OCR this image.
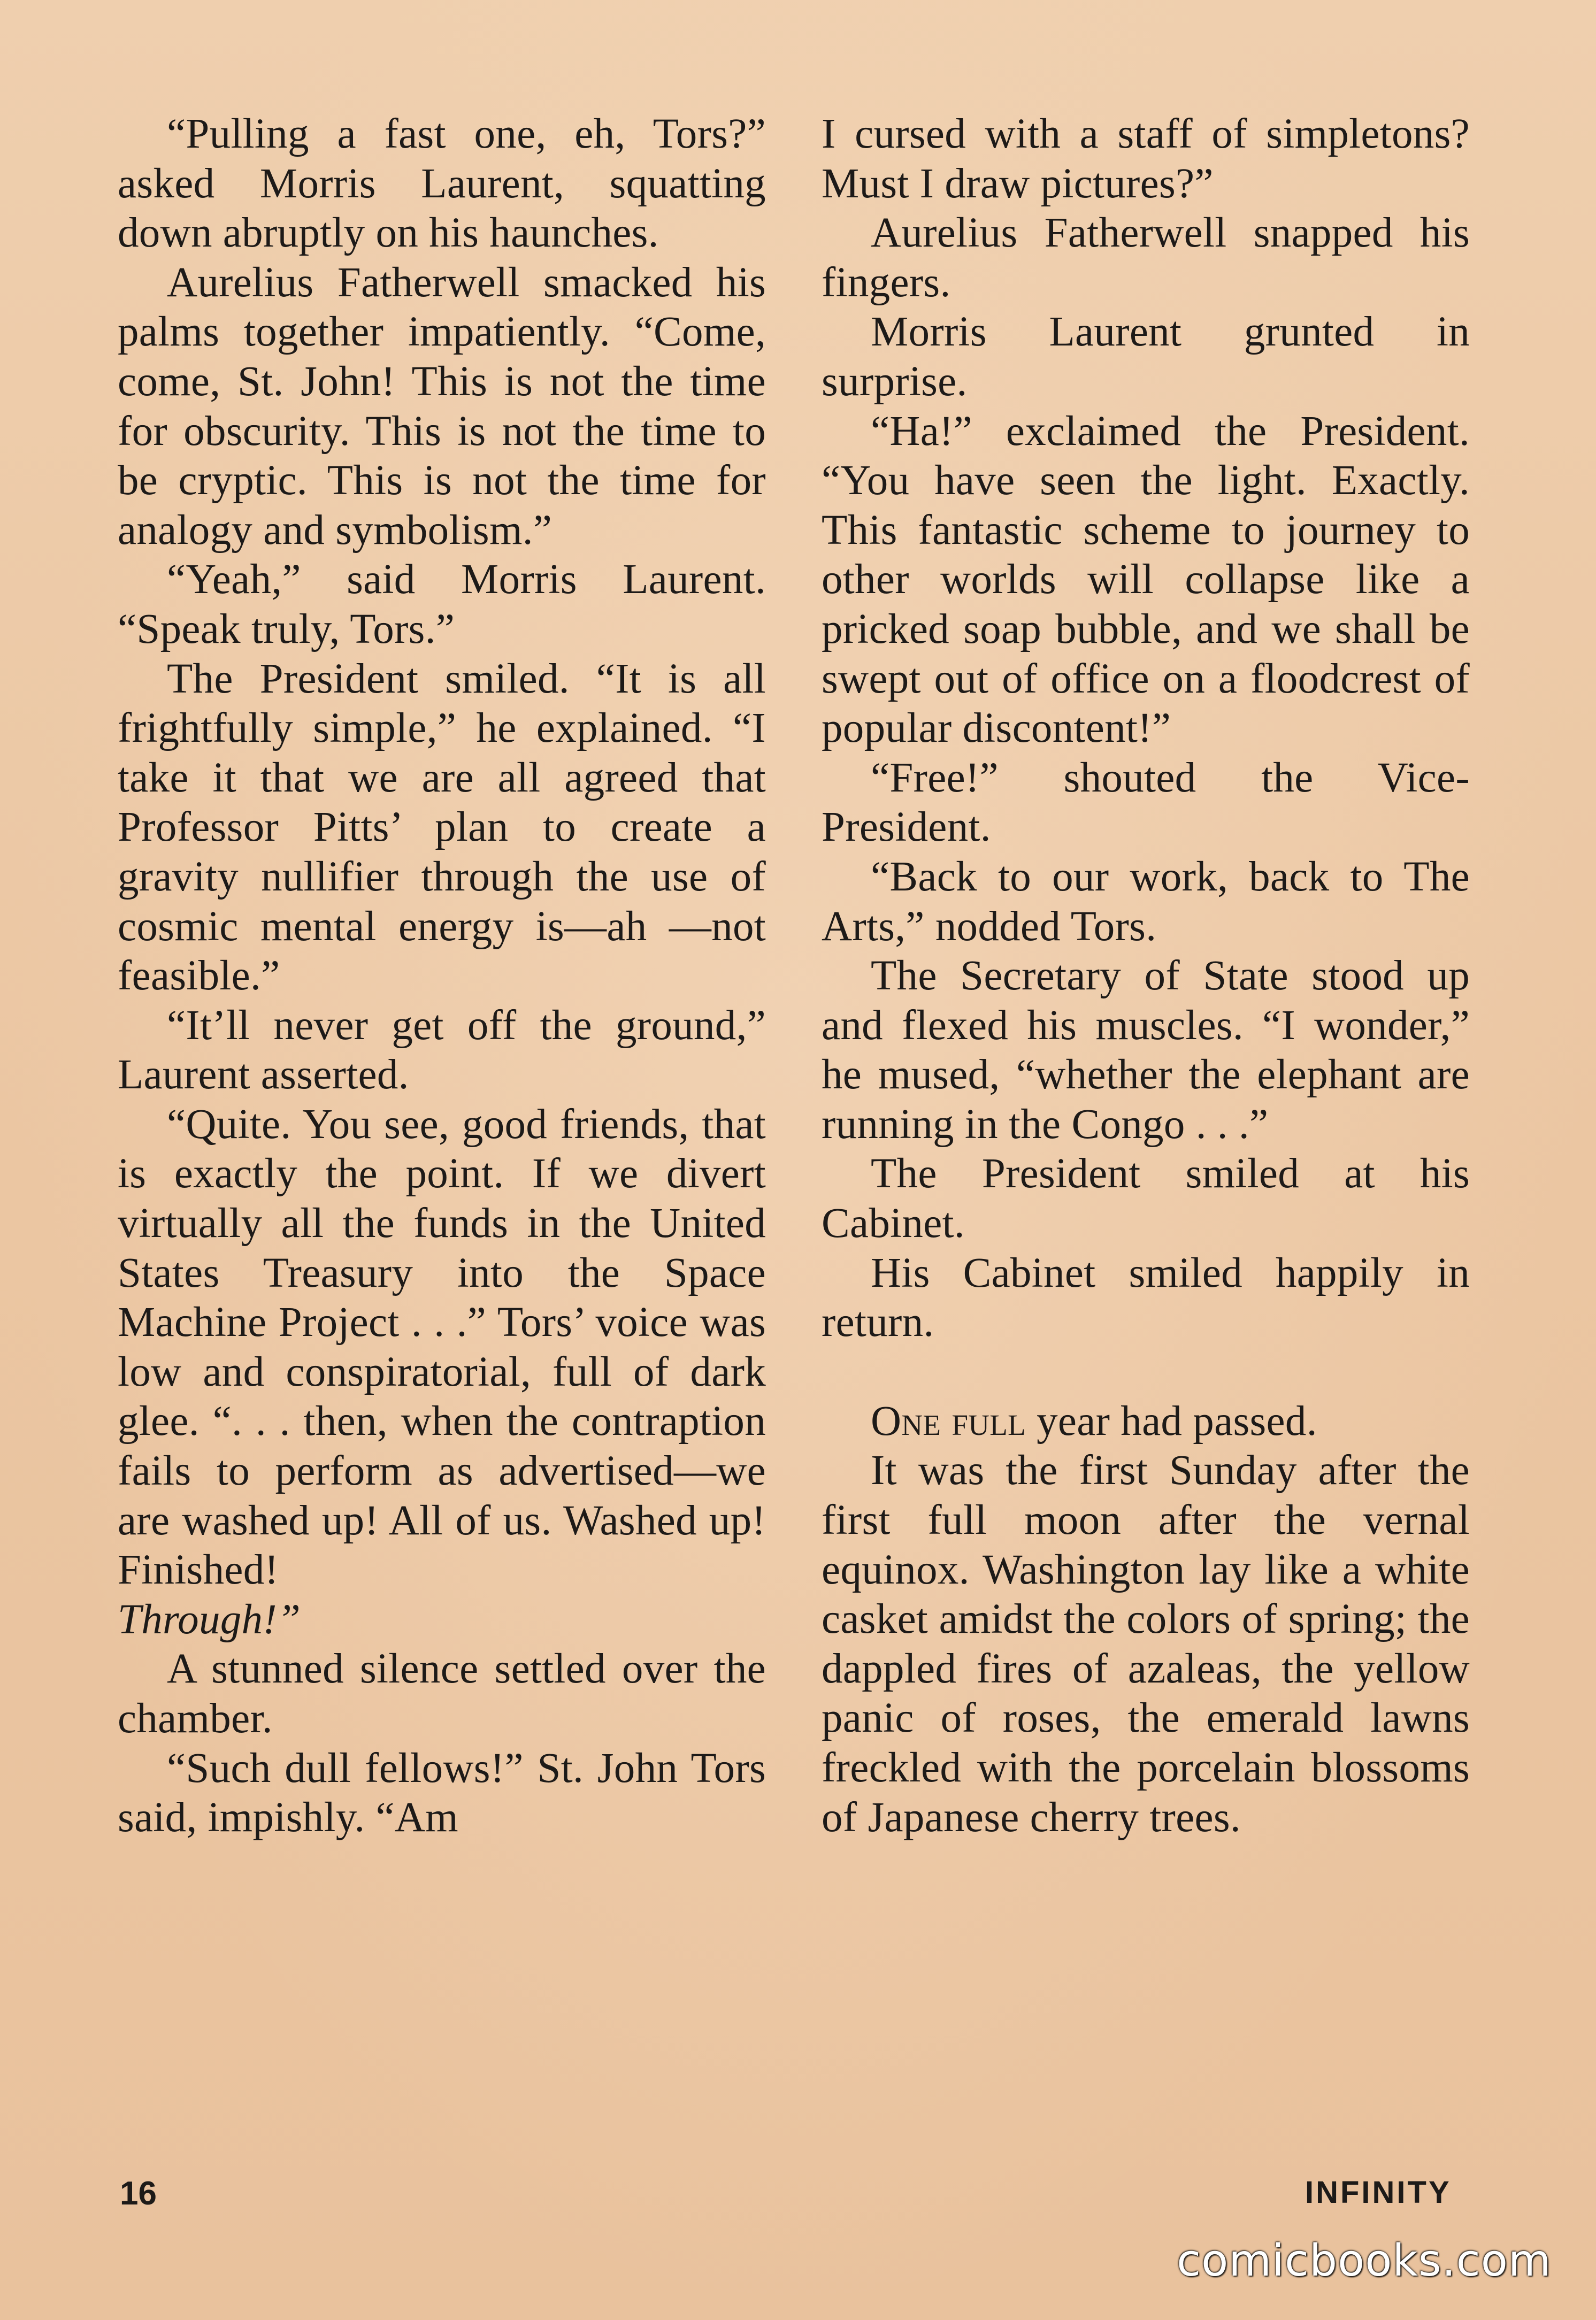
“Pulling a fast one, eh, Tors?” asked Morris Laurent, squatting down abruptly on his haunches.

Aurelius Fatherwell smacked his palms together impatiently. “Come, come, St. John! This is not the time for obscurity. This is not the time to be cryptic. This is not the time for analogy and symbolism.”

“Yeah,” said Morris Laurent. “Speak truly, Tors.”

The President smiled. “It is all frightfully simple,” he explained. “I take it that we are all agreed that Professor Pitts’ plan to create a gravity nullifier through the use of cosmic mental energy is—ah —not feasible.”

“It’ll never get off the ground,” Laurent asserted.

“Quite. You see, good friends, that is exactly the point. If we divert virtually all the funds in the United States Treasury into the Space Machine Project . . .” Tors’ voice was low and conspiratorial, full of dark glee. “. . . then, when the contraption fails to perform as advertised—we are washed up! All of us. Washed up! Finished!
Through!”

A stunned silence settled over the chamber.

“Such dull fellows!” St. John Tors said, impishly. “Am

I cursed with a staff of simpletons? Must I draw pictures?”

Aurelius Fatherwell snapped his fingers.

Morris Laurent grunted in surprise.

“Ha!” exclaimed the President. “You have seen the light. Exactly. This fantastic scheme to journey to other worlds will collapse like a pricked soap bubble, and we shall be swept out of office on a floodcrest of popular discontent!”

“Free!” shouted the Vice-President.

“Back to our work, back to The Arts,” nodded Tors.

The Secretary of State stood up and flexed his muscles. “I wonder,” he mused, “whether the elephant are running in the Congo . . .”

The President smiled at his Cabinet.

His Cabinet smiled happily in return.

One full year had passed.

It was the first Sunday after the first full moon after the vernal equinox. Washington lay like a white casket amidst the colors of spring; the dappled fires of azaleas, the yellow panic of roses, the emerald lawns freckled with the porcelain blossoms of Japanese cherry trees.

16	INFINITY
comicbooks.com
